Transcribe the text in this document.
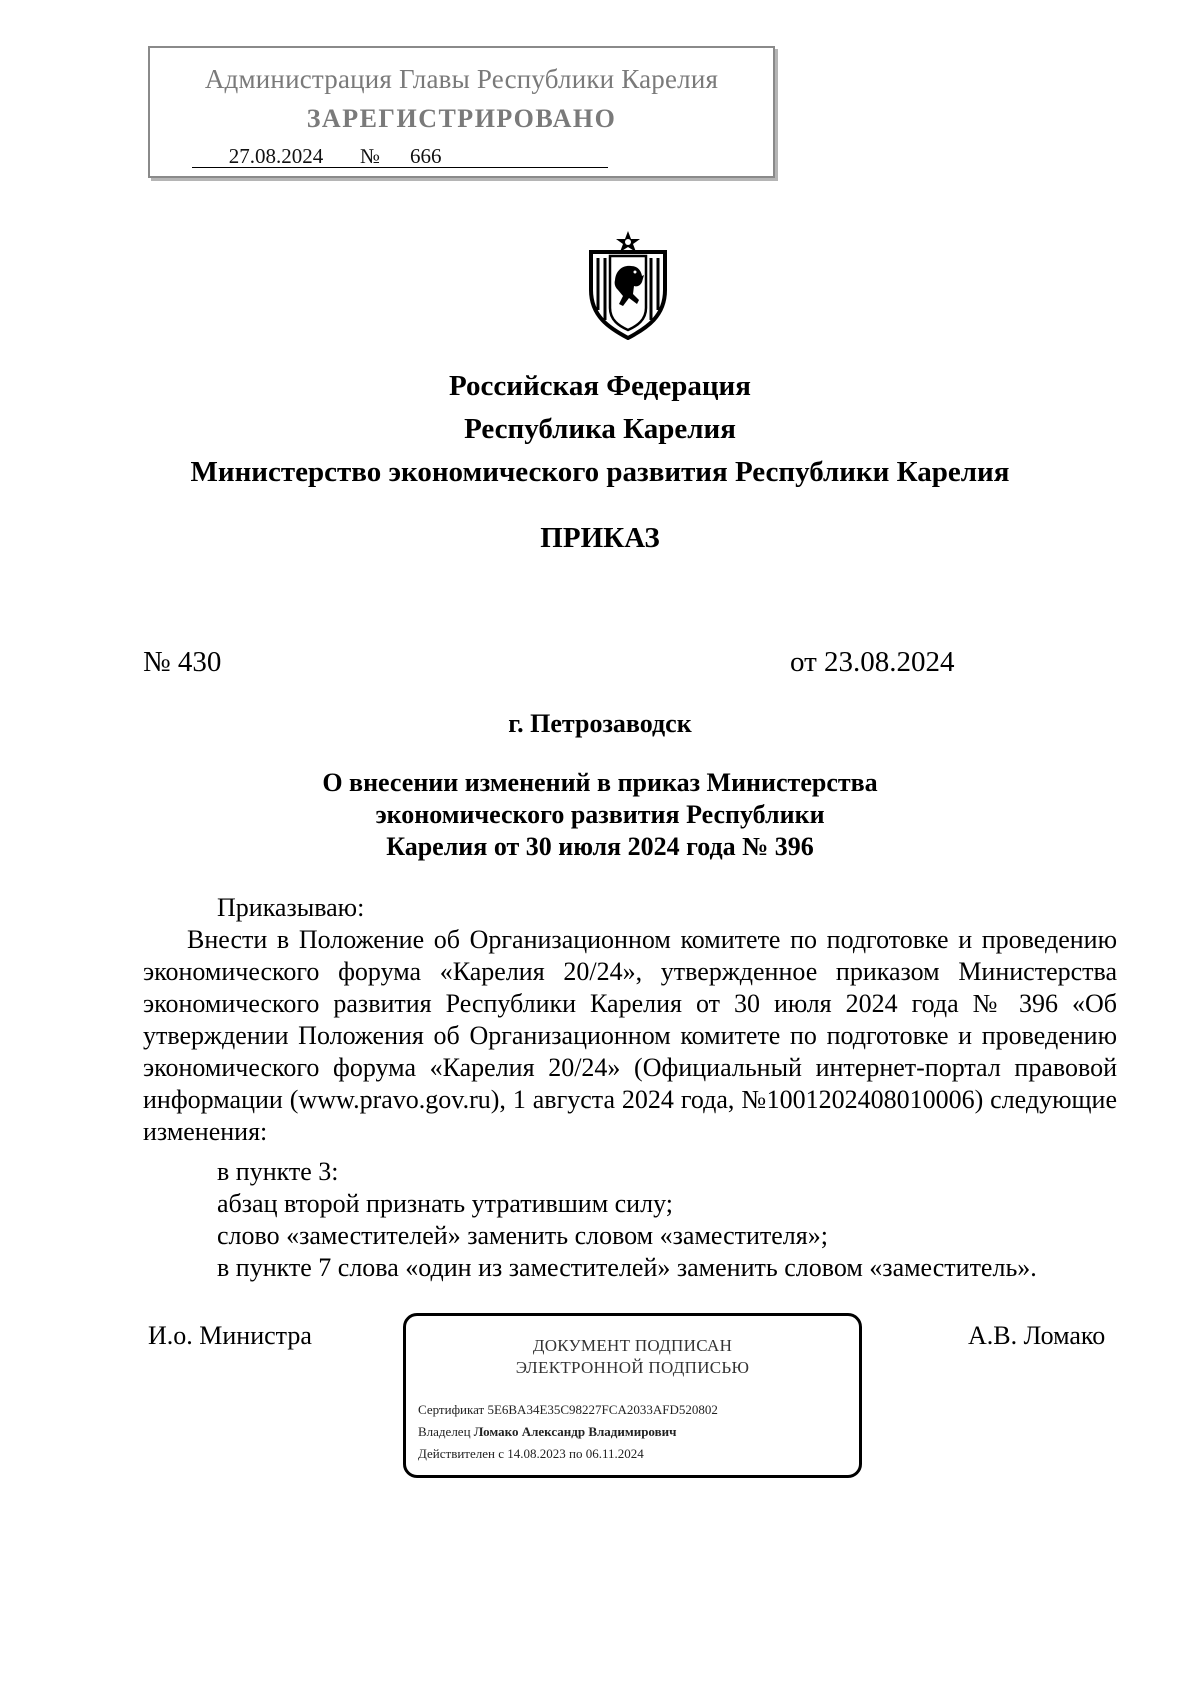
Администрация Главы Республики Карелия
ЗАРЕГИСТРИРОВАНО
27.08.2024 № 666
Российская Федерация
Республика Карелия
Министерство экономического развития Республики Карелия
ПРИКАЗ
№ 430	от 23.08.2024
г. Петрозаводск
О внесении изменений в приказ Министерства
экономического развития Республики
Карелия от 30 июля 2024 года № 396
Приказываю:
Внести в Положение об Организационном комитете по подготовке и проведению экономического форума «Карелия 20/24», утвержденное приказом Министерства экономического развития Республики Карелия от 30 июля 2024 года № 396 «Об утверждении Положения об Организационном комитете по подготовке и проведению экономического форума «Карелия 20/24» (Официальный интернет-портал правовой информации (www.pravo.gov.ru), 1 августа 2024 года, №1001202408010006) следующие изменения:
в пункте 3:
абзац второй признать утратившим силу;
слово «заместителей» заменить словом «заместителя»;
в пункте 7 слова «один из заместителей» заменить словом «заместитель».
И.о. Министра	А.В. Ломако
ДОКУМЕНТ ПОДПИСАН
ЭЛЕКТРОННОЙ ПОДПИСЬЮ
Сертификат 5E6BA34E35C98227FCA2033AFD520802
Владелец Ломако Александр Владимирович
Действителен с 14.08.2023 по 06.11.2024
